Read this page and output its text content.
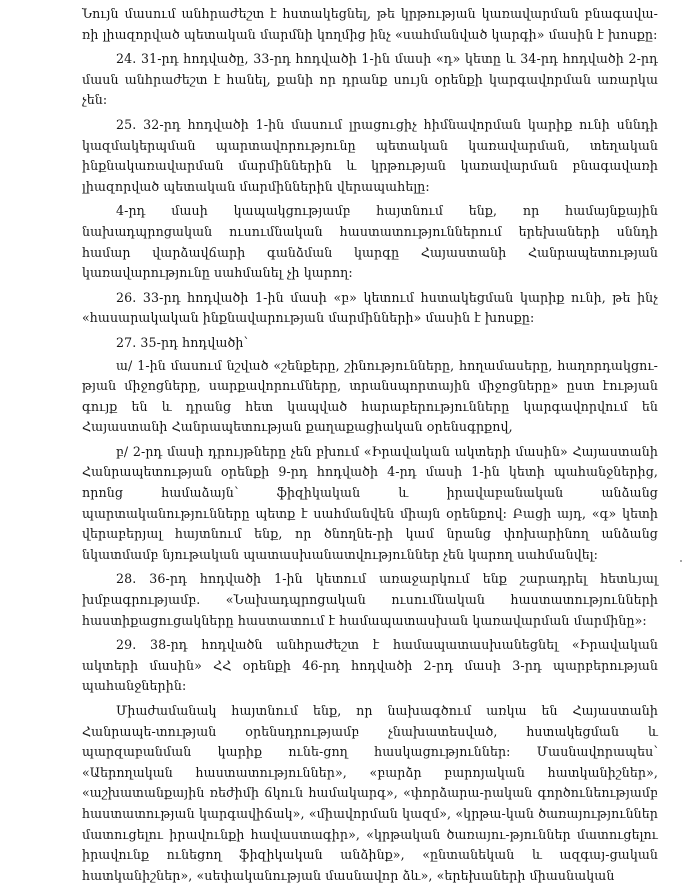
Նույն մասում անհրաժեշտ է հստակեցնել, թե կրթության կառավարման բնագավա-ռի լիազորված պետական մարմնի կողմից ինչ «սահմանված կարգի» մասին է խոսքը:

24. 31-րդ հոդվածը, 33-րդ հոդվածի 1-ին մասի «դ» կետը և 34-րդ հոդվածի 2-րդ մասն անհրաժեշտ է հանել, քանի որ դրանք սույն օրենքի կարգավորման առարկա չեն:

25. 32-րդ հոդվածի 1-ին մասում լրացուցիչ հիմնավորման կարիք ունի սննդի կազմակերպման պարտավորությունը պետական կառավարման, տեղական ինքնակառավարման մարմիններին և կրթության կառավարման բնագավառի լիազորված պետական մարմիններին վերապահելը:

4-րդ մասի կապակցությամբ հայտնում ենք, որ համայնքային նախադպրոցական ուսումնական հաստատություններում երեխաների սննդի համար վարձավճարի գանձման կարգը Հայաստանի Հանրապետության կառավարությունը սահմանել չի կարող:

26. 33-րդ հոդվածի 1-ին մասի «բ» կետում հստակեցման կարիք ունի, թե ինչ «հասարակական ինքնավարության մարմինների» մասին է խոսքը:

27. 35-րդ հոդվածի՝

ա/ 1-ին մասում նշված «շենքերը, շինությունները, հողամասերը, հաղորդակցու-թյան միջոցները, սարքավորումները, տրանսպորտային միջոցները» ըստ էության գույք են և դրանց հետ կապված հարաբերությունները կարգավորվում են Հայաստանի Հանրապետության քաղաքացիական օրենսգրքով,

բ/ 2-րդ մասի դրույթները չեն բխում «Իրավական ակտերի մասին» Հայաստանի Հանրապետության օրենքի 9-րդ հոդվածի 4-րդ մասի 1-ին կետի պահանջներից, որոնց համաձայն՝ ֆիզիկական և իրավաբանական անձանց պարտականությունները պետք է սահմանվեն միայն օրենքով: Բացի այդ, «գ» կետի վերաբերյալ հայտնում ենք, որ ծնողնե-րի կամ նրանց փոխարինող անձանց նկատմամբ նյութական պատասխանատվություններ չեն կարող սահմանվել:

28. 36-րդ հոդվածի 1-ին կետում առաջարկում ենք շարադրել հետևյալ խմբագրությամբ. «Նախադպրոցական ուսումնական հաստատությունների հաստիքացուցակները հաստատում է համապատասխան կառավարման մարմինը»:

29. 38-րդ հոդվածն անհրաժեշտ է համապատասխանեցնել «Իրավական ակտերի մասին» ՀՀ օրենքի 46-րդ հոդվածի 2-րդ մասի 3-րդ պարբերության պահանջներին:

Միաժամանակ հայտնում ենք, որ նախագծում առկա են Հայաստանի Հանրապե-տության օրենսդրությամբ չնախատեսված, հստակեցման և պարզաբանման կարիք ունե-ցող հասկացություններ: Մասնավորապես՝ «Աերողական հաստատություններ», «բարձր բարոյական հատկանիշներ», «աշխատանքային ռեժիմի ճկուն համակարգ», «փորձարա-րական գործունեությամբ հաստատության կարգավիճակ», «միավորման կազմ», «կրթա-կան ծառայություններ մատուցելու իրավունքի հավաստագիր», «կրթական ծառայու-թյուններ մատուցելու իրավունք ունեցող ֆիզիկական անձինք», «ընտանեկան և ազգայ-ցական հատկանիշներ», «սեփականության մասնավոր ձև», «երեխաների միասնական
